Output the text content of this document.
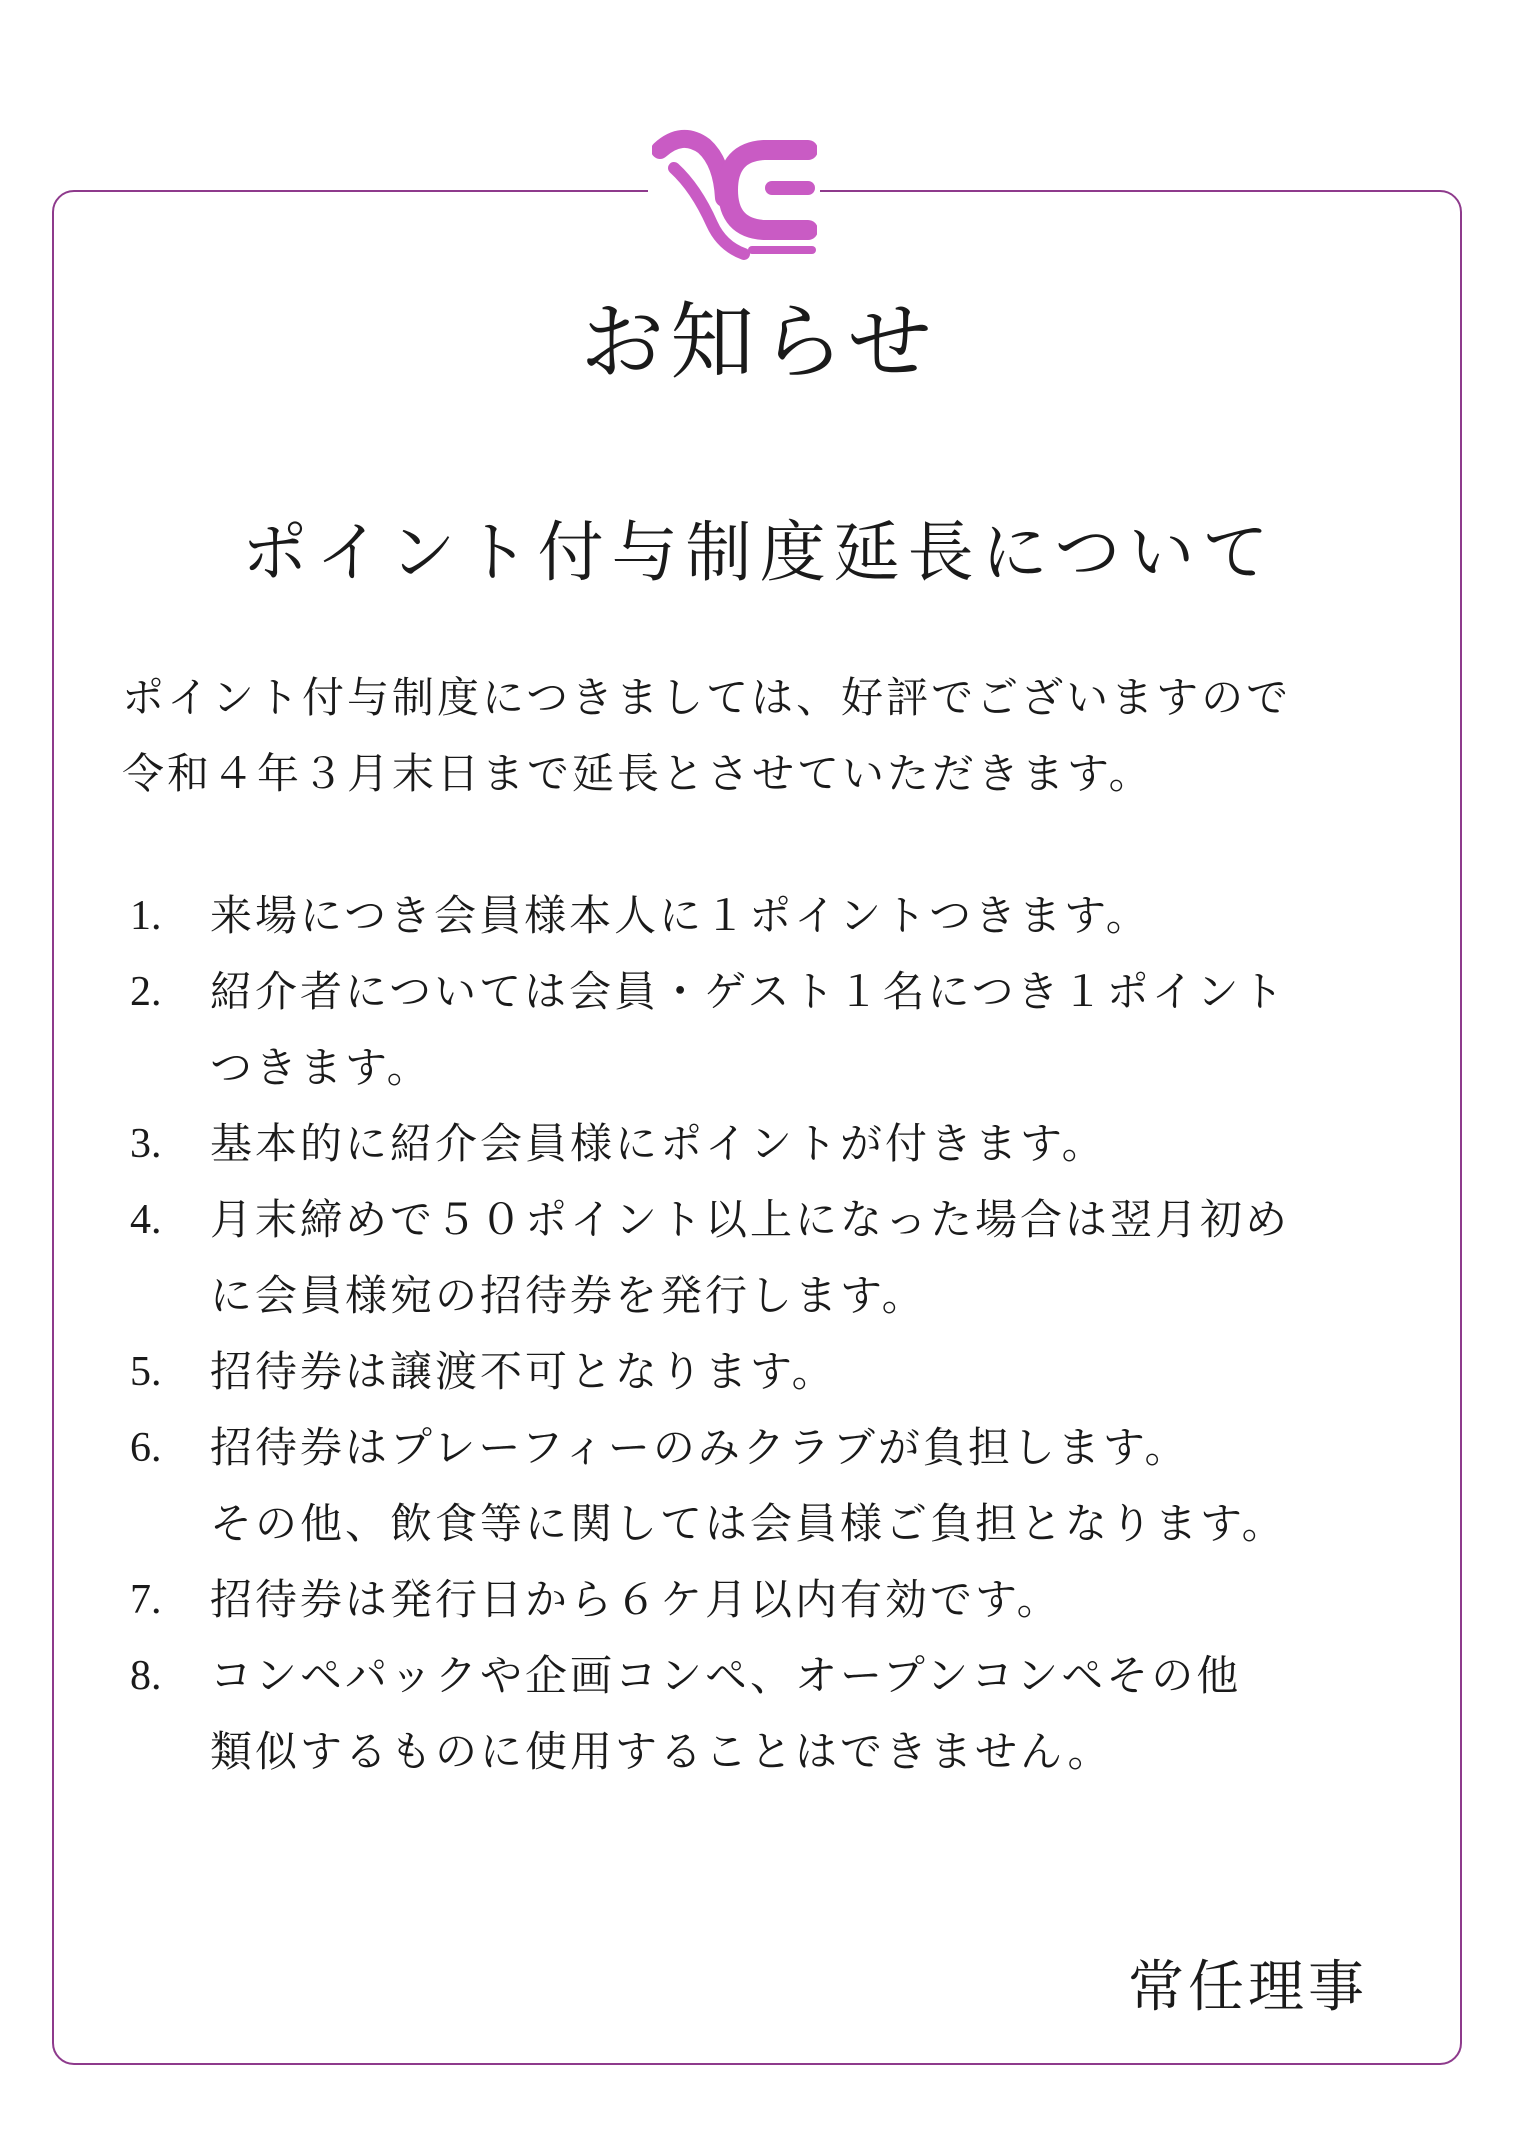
お知らせ
ポイント付与制度延長について

ポイント付与制度につきましては、好評でございますので

令和４年３月末日まで延長とさせていただきます。

1.	来場につき会員様本人に１ポイントつきます。

2.	紹介者については会員・ゲスト１名につき１ポイント

つきます。

3.	基本的に紹介会員様にポイントが付きます。

4.	月末締めで５０ポイント以上になった場合は翌月初め

に会員様宛の招待券を発行します。

5.	招待券は譲渡不可となります。

6.	招待券はプレーフィーのみクラブが負担します。

その他、飲食等に関しては会員様ご負担となります。

7.	招待券は発行日から６ケ月以内有効です。

8.	コンペパックや企画コンペ、オープンコンペその他

類似するものに使用することはできません。

常任理事
